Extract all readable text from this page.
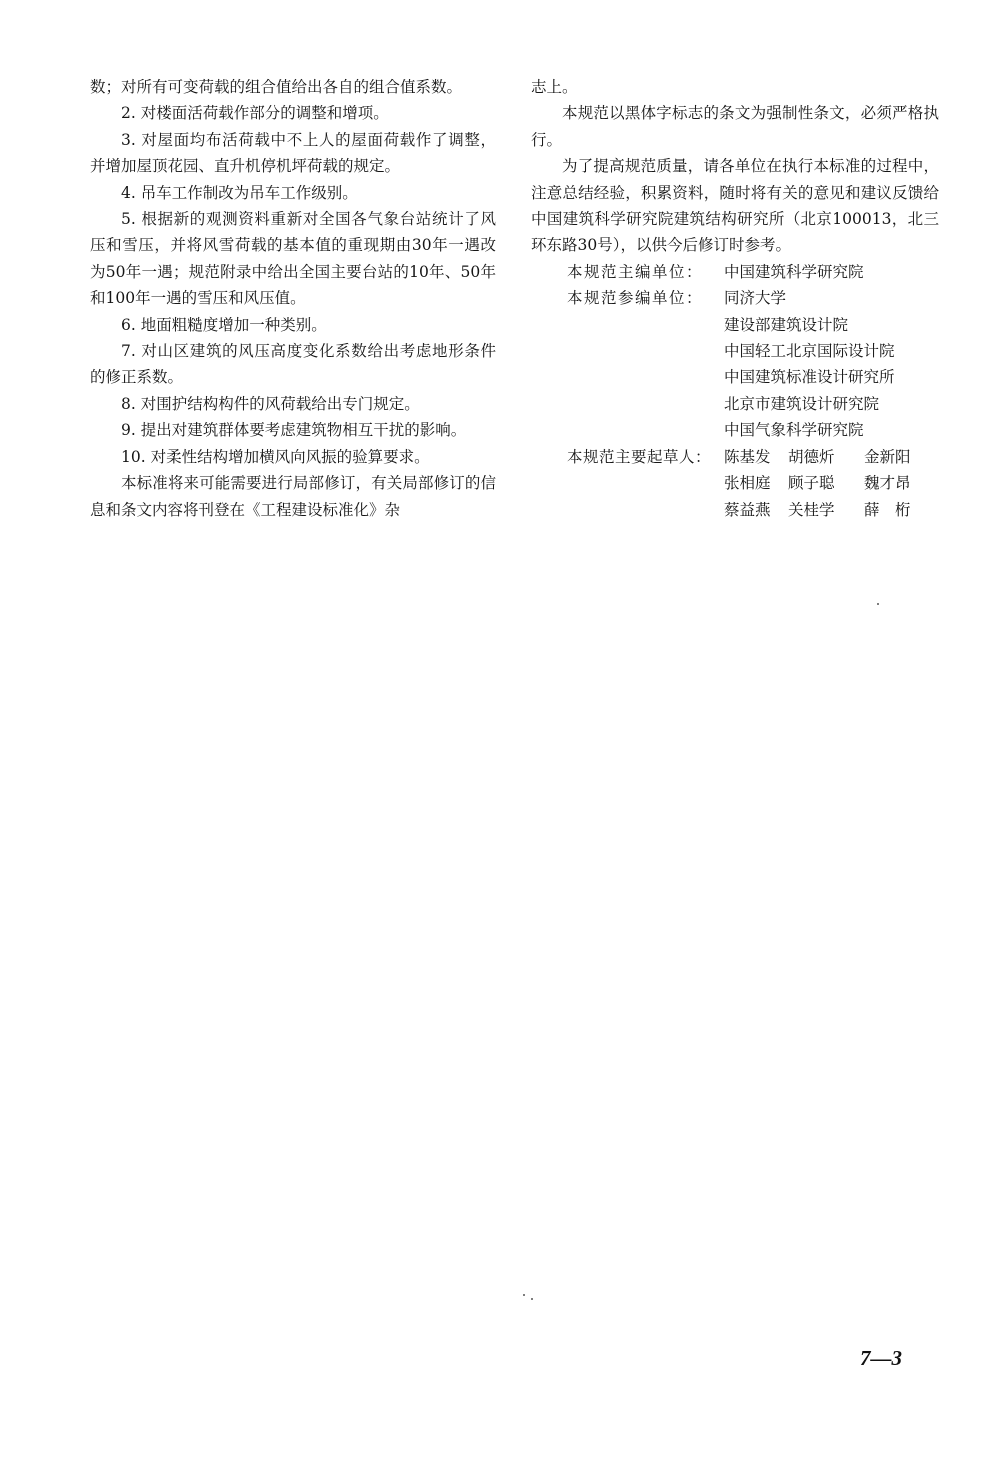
数；对所有可变荷载的组合值给出各自的组合值系数。

2. 对楼面活荷载作部分的调整和增项。

3. 对屋面均布活荷载中不上人的屋面荷载作了调整，并增加屋顶花园、直升机停机坪荷载的规定。

4. 吊车工作制改为吊车工作级别。

5. 根据新的观测资料重新对全国各气象台站统计了风压和雪压，并将风雪荷载的基本值的重现期由30年一遇改为50年一遇；规范附录中给出全国主要台站的10年、50年和100年一遇的雪压和风压值。

6. 地面粗糙度增加一种类别。

7. 对山区建筑的风压高度变化系数给出考虑地形条件的修正系数。

8. 对围护结构构件的风荷载给出专门规定。

9. 提出对建筑群体要考虑建筑物相互干扰的影响。

10. 对柔性结构增加横风向风振的验算要求。

本标准将来可能需要进行局部修订，有关局部修订的信息和条文内容将刊登在《工程建设标准化》杂

志上。

本规范以黑体字标志的条文为强制性条文，必须严格执行。

为了提高规范质量，请各单位在执行本标准的过程中，注意总结经验，积累资料，随时将有关的意见和建议反馈给中国建筑科学研究院建筑结构研究所（北京100013，北三环东路30号），以供今后修订时参考。

本规范主编单位：	中国建筑科学研究院
本规范参编单位：	同济大学
建设部建筑设计院
中国轻工北京国际设计院
中国建筑标准设计研究所
北京市建筑设计研究院
中国气象科学研究院
本规范主要起草人： 陈基发	胡德炘	金新阳
张相庭	顾子聪	魏才昂
蔡益燕	关桂学	薛　桁
7—3
